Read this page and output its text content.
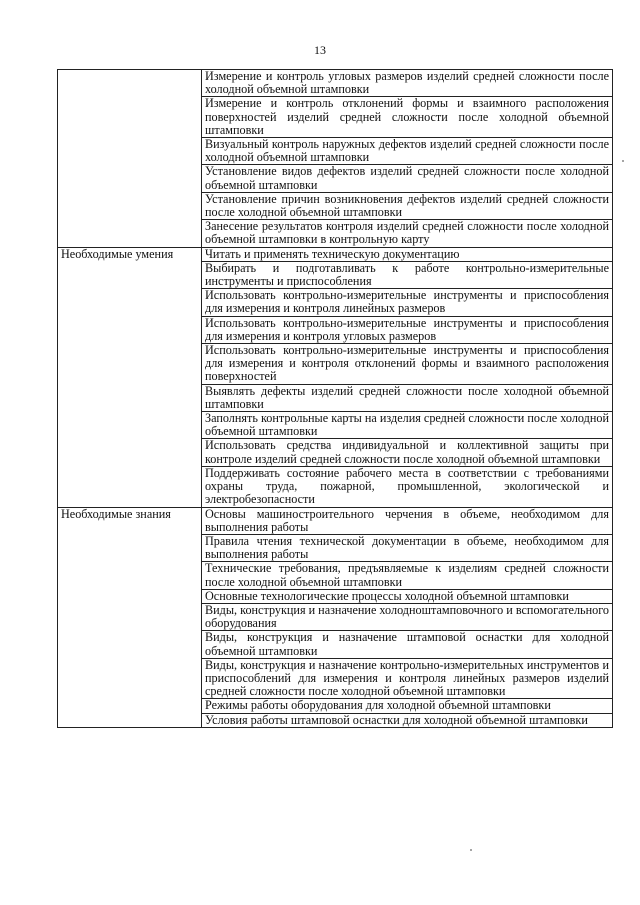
13
	Измерение и контроль угловых размеров изделий средней сложности после холодной объемной штамповки
	Измерение и контроль отклонений формы и взаимного расположения поверхностей изделий средней сложности после холодной объемной штамповки
	Визуальный контроль наружных дефектов изделий средней сложности после холодной объемной штамповки
	Установление видов дефектов изделий средней сложности после холодной объемной штамповки
	Установление причин возникновения дефектов изделий средней сложности после холодной объемной штамповки
	Занесение результатов контроля изделий средней сложности после холодной объемной штамповки в контрольную карту
Необходимые умения	Читать и применять техническую документацию
	Выбирать и подготавливать к работе контрольно-измерительные инструменты и приспособления
	Использовать контрольно-измерительные инструменты и приспособления для измерения и контроля линейных размеров
	Использовать контрольно-измерительные инструменты и приспособления для измерения и контроля угловых размеров
	Использовать контрольно-измерительные инструменты и приспособления для измерения и контроля отклонений формы и взаимного расположения поверхностей
	Выявлять дефекты изделий средней сложности после холодной объемной штамповки
	Заполнять контрольные карты на изделия средней сложности после холодной объемной штамповки
	Использовать средства индивидуальной и коллективной защиты при контроле изделий средней сложности после холодной объемной штамповки
	Поддерживать состояние рабочего места в соответствии с требованиями охраны труда, пожарной, промышленной, экологической и электробезопасности
Необходимые знания	Основы машиностроительного черчения в объеме, необходимом для выполнения работы
	Правила чтения технической документации в объеме, необходимом для выполнения работы
	Технические требования, предъявляемые к изделиям средней сложности после холодной объемной штамповки
	Основные технологические процессы холодной объемной штамповки
	Виды, конструкция и назначение холодноштамповочного и вспомогательного оборудования
	Виды, конструкция и назначение штамповой оснастки для холодной объемной штамповки
	Виды, конструкция и назначение контрольно-измерительных инструментов и приспособлений для измерения и контроля линейных размеров изделий средней сложности после холодной объемной штамповки
	Режимы работы оборудования для холодной объемной штамповки
	Условия работы штамповой оснастки для холодной объемной штамповки
